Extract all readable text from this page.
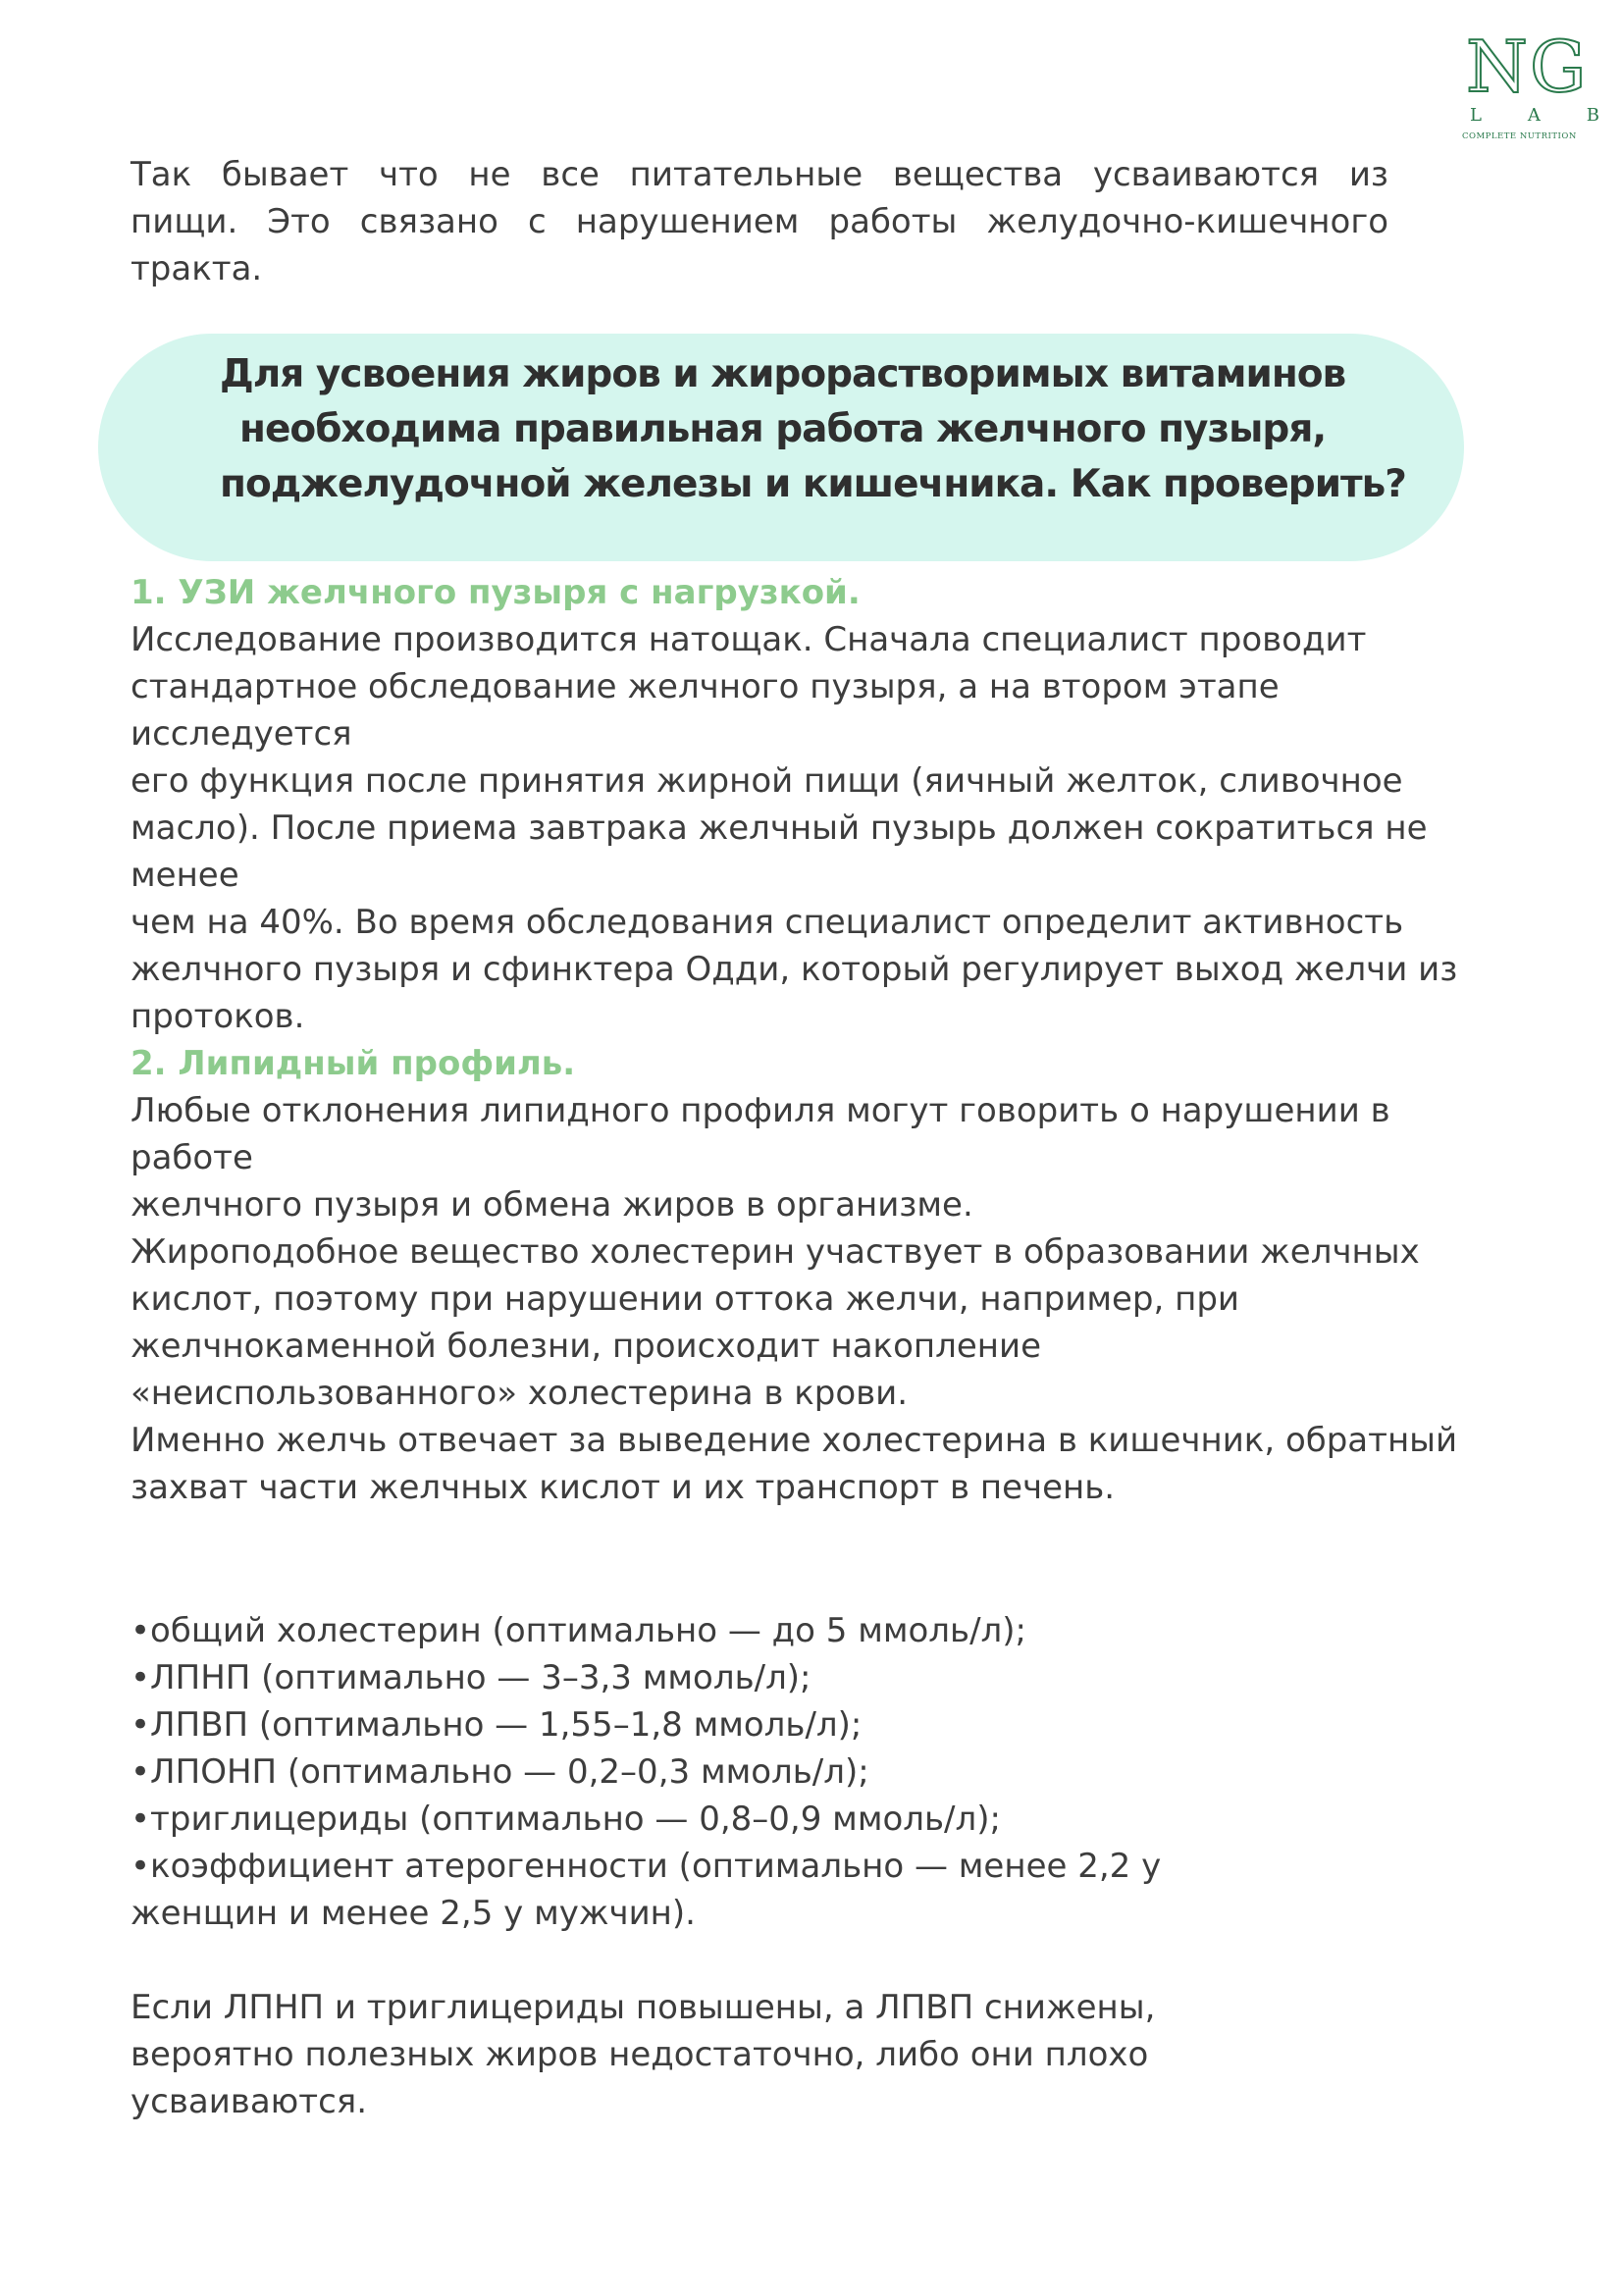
NG
L	A	B
COMPLETE NUTRITION

Так бывает что не все питательные вещества усваиваются из пищи. Это связано с нарушением работы желудочно-кишечного тракта.

Для усвоения жиров и жирорастворимых витаминов
необходима правильная работа желчного пузыря,
поджелудочной железы и кишечника. Как проверить?

1. УЗИ желчного пузыря с нагрузкой.

Исследование производится натощак. Сначала специалист проводит
стандартное обследование желчного пузыря, а на втором этапе
исследуется
его функция после принятия жирной пищи (яичный желток, сливочное
масло). После приема завтрака желчный пузырь должен сократиться не
менее
чем на 40%. Во время обследования специалист определит активность
желчного пузыря и сфинктера Одди, который регулирует выход желчи из
протоков.

2. Липидный профиль.

Любые отклонения липидного профиля могут говорить о нарушении в
работе
желчного пузыря и обмена жиров в организме.
Жироподобное вещество холестерин участвует в образовании желчных
кислот, поэтому при нарушении оттока желчи, например, при
желчнокаменной болезни, происходит накопление
«неиспользованного» холестерина в крови.
Именно желчь отвечает за выведение холестерина в кишечник, обратный
захват части желчных кислот и их транспорт в печень.

•общий холестерин (оптимально — до 5 ммоль/л);
•ЛПНП (оптимально — 3–3,3 ммоль/л);
•ЛПВП (оптимально — 1,55–1,8 ммоль/л);
•ЛПОНП (оптимально — 0,2–0,3 ммоль/л);
•триглицериды (оптимально — 0,8–0,9 ммоль/л);
•коэффициент атерогенности (оптимально — менее 2,2 у
женщин и менее 2,5 у мужчин).

Если ЛПНП и триглицериды повышены, а ЛПВП снижены,
вероятно полезных жиров недостаточно, либо они плохо
усваиваются.
